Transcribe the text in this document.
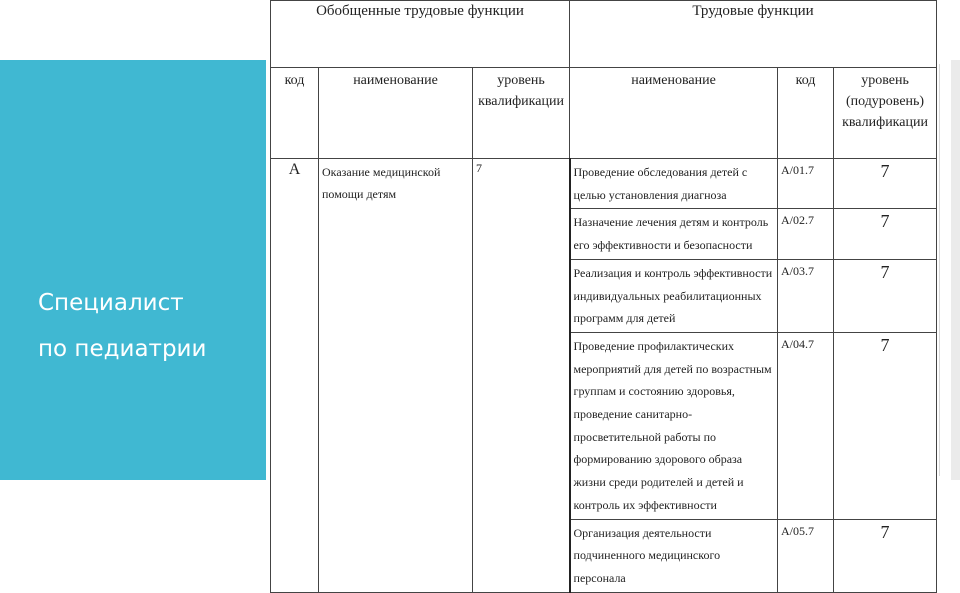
Специалист
по педиатрии
Обобщенные трудовые функции			Трудовые функции		
код	наименование	уровень квалификации	наименование	код	уровень (подуровень) квалификации
А	Оказание медицинской помощи детям	7	Проведение обследования детей с целью установления диагноза	А/01.7	7
			Назначение лечения детям и контроль его эффективности и безопасности	А/02.7	7
			Реализация и контроль эффективности индивидуальных реабилитационных программ для детей	А/03.7	7
			Проведение профилактических мероприятий для детей по возрастным группам и состоянию здоровья, проведение санитарно-просветительной работы по формированию здорового образа жизни среди родителей и детей и контроль их эффективности	А/04.7	7
			Организация деятельности подчиненного медицинского персонала	А/05.7	7
